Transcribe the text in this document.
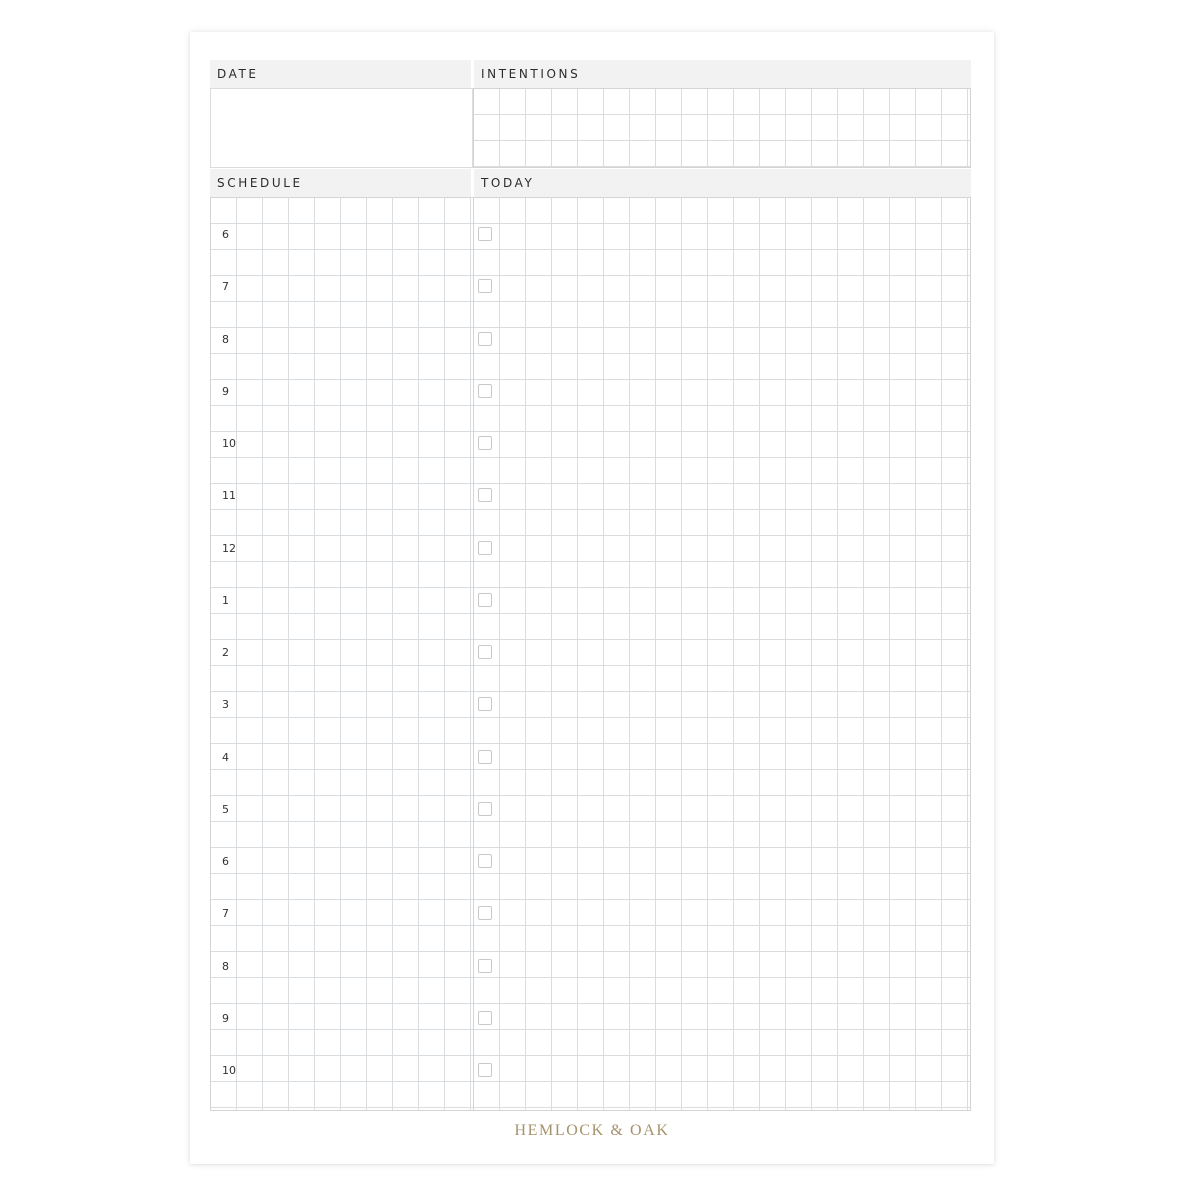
DATE	INTENTIONS
SCHEDULE	TODAY
6
7
8
9
10
11
12
1
2
3
4
5
6
7
8
9
10
HEMLOCK & OAK
